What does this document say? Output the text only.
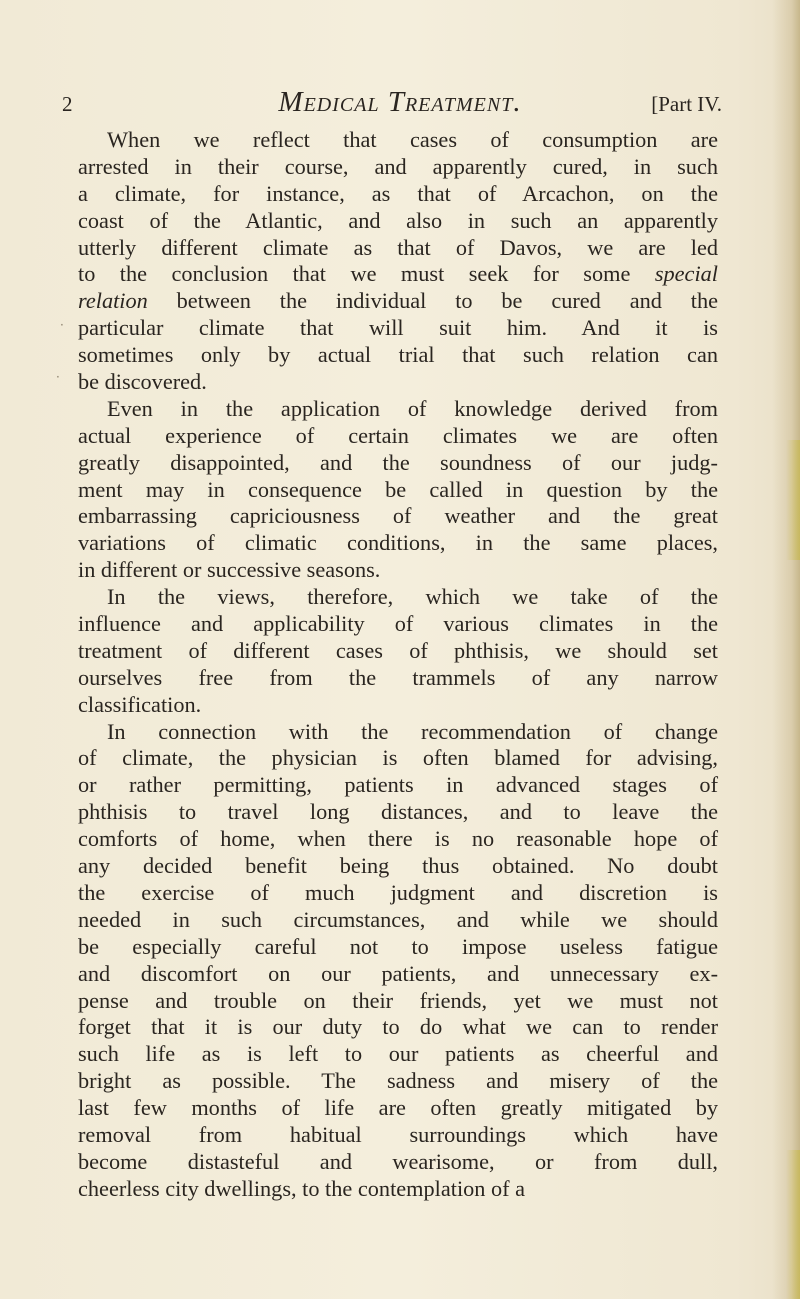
2	Medical Treatment.	[Part IV.
·
·
When we reflect that cases of consumption are
arrested in their course, and apparently cured, in such
a climate, for instance, as that of Arcachon, on the
coast of the Atlantic, and also in such an apparently
utterly different climate as that of Davos, we are led
to the conclusion that we must seek for some special
relation between the individual to be cured and the
particular climate that will suit him. And it is
sometimes only by actual trial that such relation can
be discovered.
Even in the application of knowledge derived from
actual experience of certain climates we are often
greatly disappointed, and the soundness of our judg-
ment may in consequence be called in question by the
embarrassing capriciousness of weather and the great
variations of climatic conditions, in the same places,
in different or successive seasons.
In the views, therefore, which we take of the
influence and applicability of various climates in the
treatment of different cases of phthisis, we should set
ourselves free from the trammels of any narrow
classification.
In connection with the recommendation of change
of climate, the physician is often blamed for advising,
or rather permitting, patients in advanced stages of
phthisis to travel long distances, and to leave the
comforts of home, when there is no reasonable hope of
any decided benefit being thus obtained. No doubt
the exercise of much judgment and discretion is
needed in such circumstances, and while we should
be especially careful not to impose useless fatigue
and discomfort on our patients, and unnecessary ex-
pense and trouble on their friends, yet we must not
forget that it is our duty to do what we can to render
such life as is left to our patients as cheerful and
bright as possible. The sadness and misery of the
last few months of life are often greatly mitigated by
removal from habitual surroundings which have
become distasteful and wearisome, or from dull,
cheerless city dwellings, to the contemplation of a
